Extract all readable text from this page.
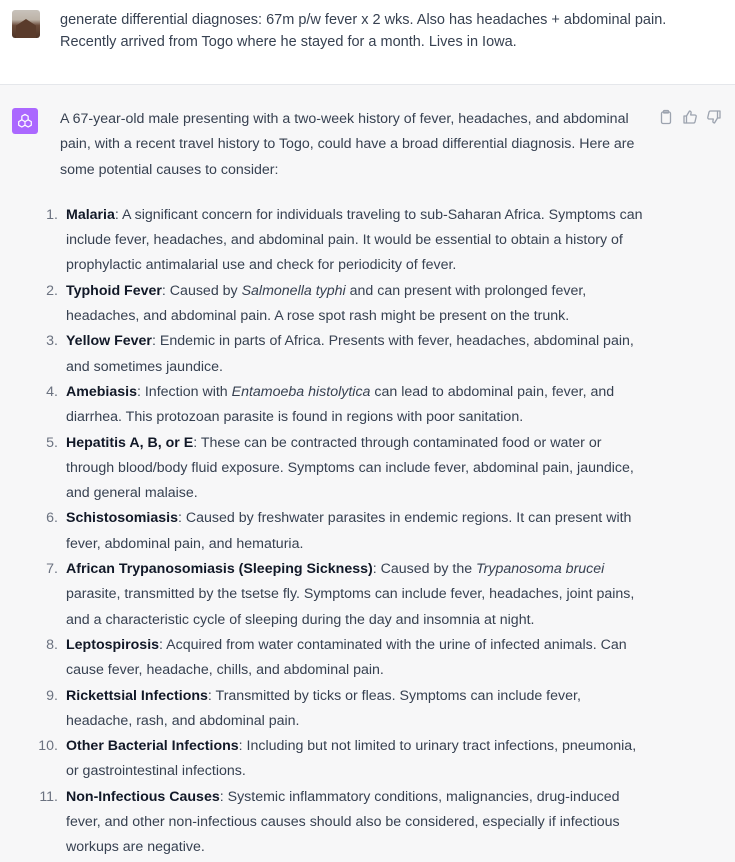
generate differential diagnoses: 67m p/w fever x 2 wks. Also has headaches + abdominal pain. Recently arrived from Togo where he stayed for a month. Lives in Iowa.

A 67-year-old male presenting with a two-week history of fever, headaches, and abdominal pain, with a recent travel history to Togo, could have a broad differential diagnosis. Here are some potential causes to consider:

1. Malaria: A significant concern for individuals traveling to sub-Saharan Africa. Symptoms can include fever, headaches, and abdominal pain. It would be essential to obtain a history of prophylactic antimalarial use and check for periodicity of fever.
2. Typhoid Fever: Caused by Salmonella typhi and can present with prolonged fever, headaches, and abdominal pain. A rose spot rash might be present on the trunk.
3. Yellow Fever: Endemic in parts of Africa. Presents with fever, headaches, abdominal pain, and sometimes jaundice.
4. Amebiasis: Infection with Entamoeba histolytica can lead to abdominal pain, fever, and diarrhea. This protozoan parasite is found in regions with poor sanitation.
5. Hepatitis A, B, or E: These can be contracted through contaminated food or water or through blood/body fluid exposure. Symptoms can include fever, abdominal pain, jaundice, and general malaise.
6. Schistosomiasis: Caused by freshwater parasites in endemic regions. It can present with fever, abdominal pain, and hematuria.
7. African Trypanosomiasis (Sleeping Sickness): Caused by the Trypanosoma brucei parasite, transmitted by the tsetse fly. Symptoms can include fever, headaches, joint pains, and a characteristic cycle of sleeping during the day and insomnia at night.
8. Leptospirosis: Acquired from water contaminated with the urine of infected animals. Can cause fever, headache, chills, and abdominal pain.
9. Rickettsial Infections: Transmitted by ticks or fleas. Symptoms can include fever, headache, rash, and abdominal pain.
10. Other Bacterial Infections: Including but not limited to urinary tract infections, pneumonia, or gastrointestinal infections.
11. Non-Infectious Causes: Systemic inflammatory conditions, malignancies, drug-induced fever, and other non-infectious causes should also be considered, especially if infectious workups are negative.
